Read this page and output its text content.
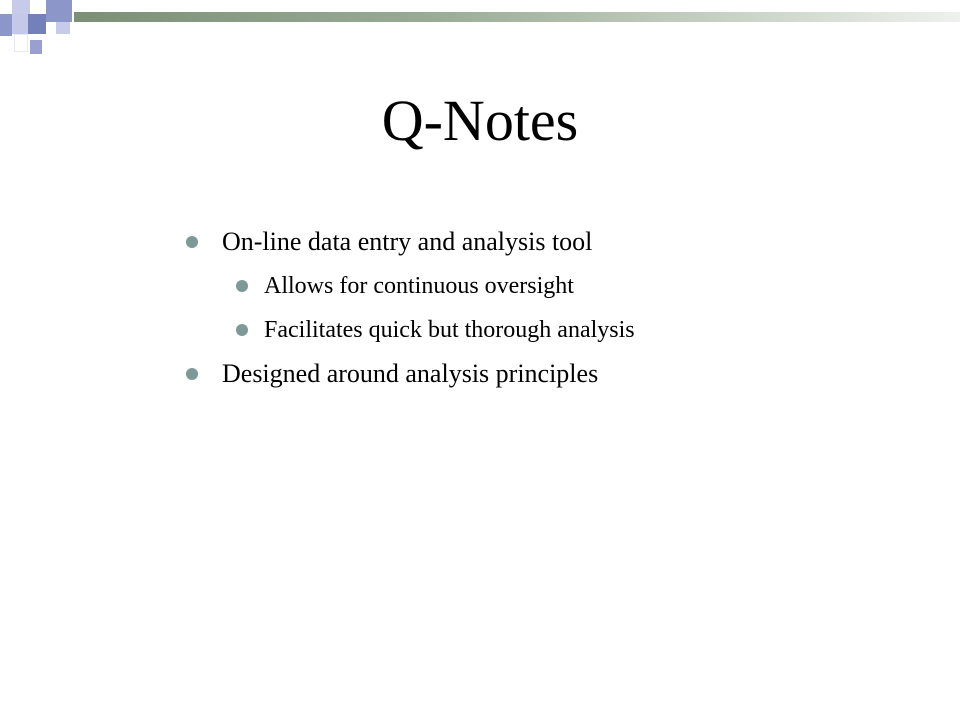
Q-Notes
On-line data entry and analysis tool
Allows for continuous oversight
Facilitates quick but thorough analysis
Designed around analysis principles
